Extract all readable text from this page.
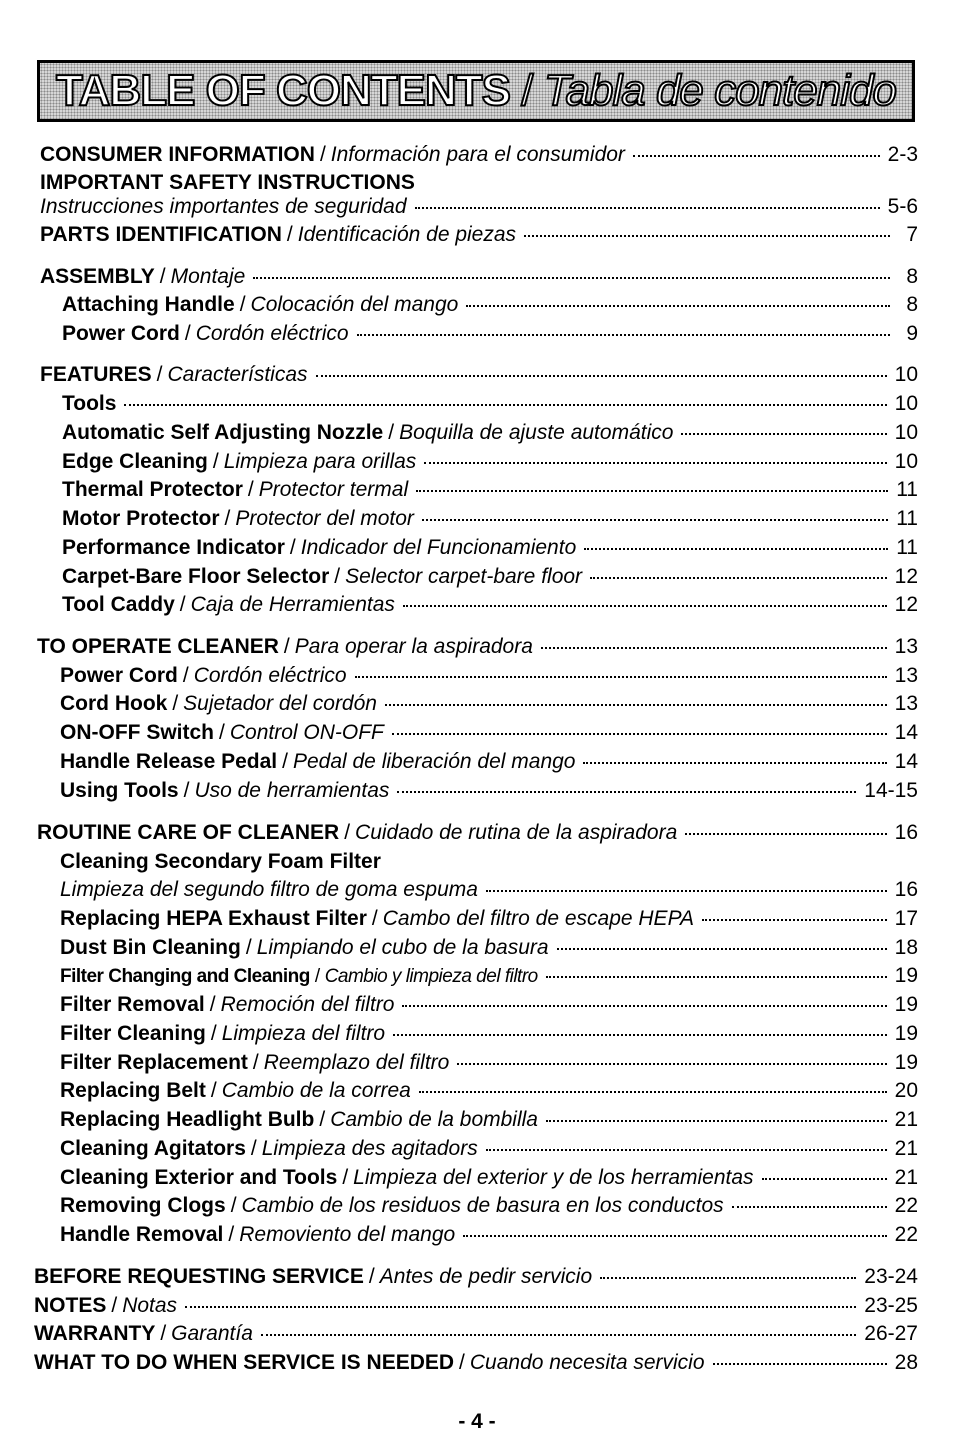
TABLE OF CONTENTS / Tabla de contenido
CONSUMER INFORMATION / Información para el consumidor	2-3
IMPORTANT SAFETY INSTRUCTIONS
Instrucciones importantes de seguridad	5-6
PARTS IDENTIFICATION / Identificación de piezas	7
ASSEMBLY / Montaje	8
Attaching Handle / Colocación del mango	8
Power Cord / Cordón eléctrico	9
FEATURES / Características	10
Tools	10
Automatic Self Adjusting Nozzle / Boquilla de ajuste automático	10
Edge Cleaning / Limpieza para orillas	10
Thermal Protector / Protector termal	11
Motor Protector / Protector del motor	11
Performance Indicator / Indicador del Funcionamiento	11
Carpet-Bare Floor Selector / Selector carpet-bare floor	12
Tool Caddy / Caja de Herramientas	12
TO OPERATE CLEANER / Para operar la aspiradora	13
Power Cord / Cordón eléctrico	13
Cord Hook / Sujetador del cordón	13
ON-OFF Switch / Control ON-OFF	14
Handle Release Pedal / Pedal de liberación del mango	14
Using Tools / Uso de herramientas	14-15
ROUTINE CARE OF CLEANER / Cuidado de rutina de la aspiradora	16
Cleaning Secondary Foam Filter
Limpieza del segundo filtro de goma espuma	16
Replacing HEPA Exhaust Filter / Cambo del filtro de escape HEPA	17
Dust Bin Cleaning / Limpiando el cubo de la basura	18
Filter Changing and Cleaning / Cambio y limpieza del filtro	19
Filter Removal / Remoción del filtro	19
Filter Cleaning / Limpieza del filtro	19
Filter Replacement / Reemplazo del filtro	19
Replacing Belt / Cambio de la correa	20
Replacing Headlight Bulb / Cambio de la bombilla	21
Cleaning Agitators / Limpieza des agitadors	21
Cleaning Exterior and Tools / Limpieza del exterior y de los herramientas	21
Removing Clogs / Cambio de los residuos de basura en los conductos	22
Handle Removal / Removiento del mango	22
BEFORE REQUESTING SERVICE / Antes de pedir servicio	23-24
NOTES / Notas	23-25
WARRANTY / Garantía	26-27
WHAT TO DO WHEN SERVICE IS NEEDED / Cuando necesita servicio	28
- 4 -
